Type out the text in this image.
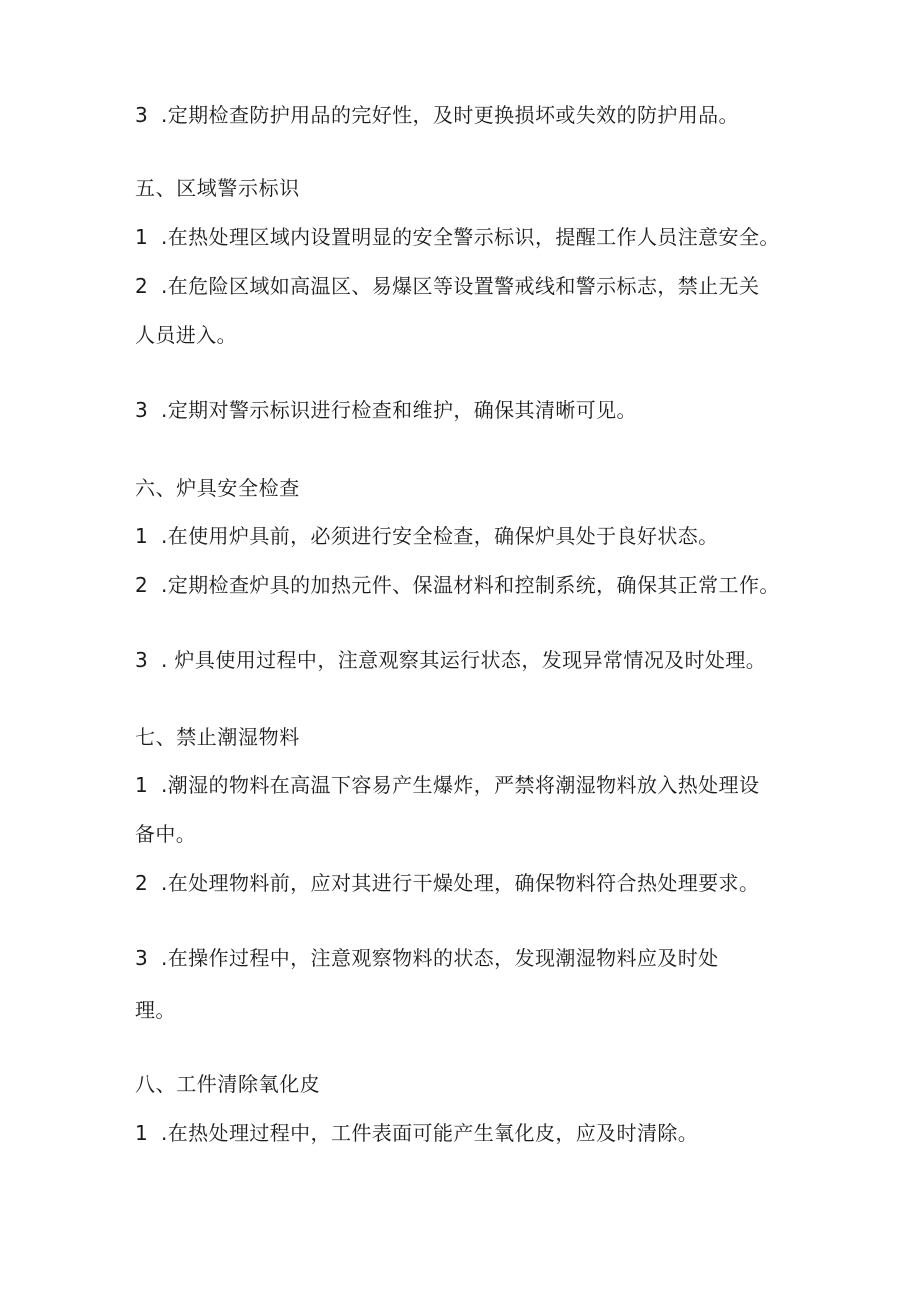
3 .定期检查防护用品的完好性，及时更换损坏或失效的防护用品。
五、区域警示标识
1 .在热处理区域内设置明显的安全警示标识，提醒工作人员注意安全。
2 .在危险区域如高温区、易爆区等设置警戒线和警示标志，禁止无关
人员进入。
3 .定期对警示标识进行检查和维护，确保其清晰可见。
六、炉具安全检查
1 .在使用炉具前，必须进行安全检查，确保炉具处于良好状态。
2 .定期检查炉具的加热元件、保温材料和控制系统，确保其正常工作。
3 . 炉具使用过程中，注意观察其运行状态，发现异常情况及时处理。
七、禁止潮湿物料
1 .潮湿的物料在高温下容易产生爆炸，严禁将潮湿物料放入热处理设
备中。
2 .在处理物料前，应对其进行干燥处理，确保物料符合热处理要求。
3 .在操作过程中，注意观察物料的状态，发现潮湿物料应及时处
理。
八、工件清除氧化皮
1 .在热处理过程中，工件表面可能产生氧化皮，应及时清除。
